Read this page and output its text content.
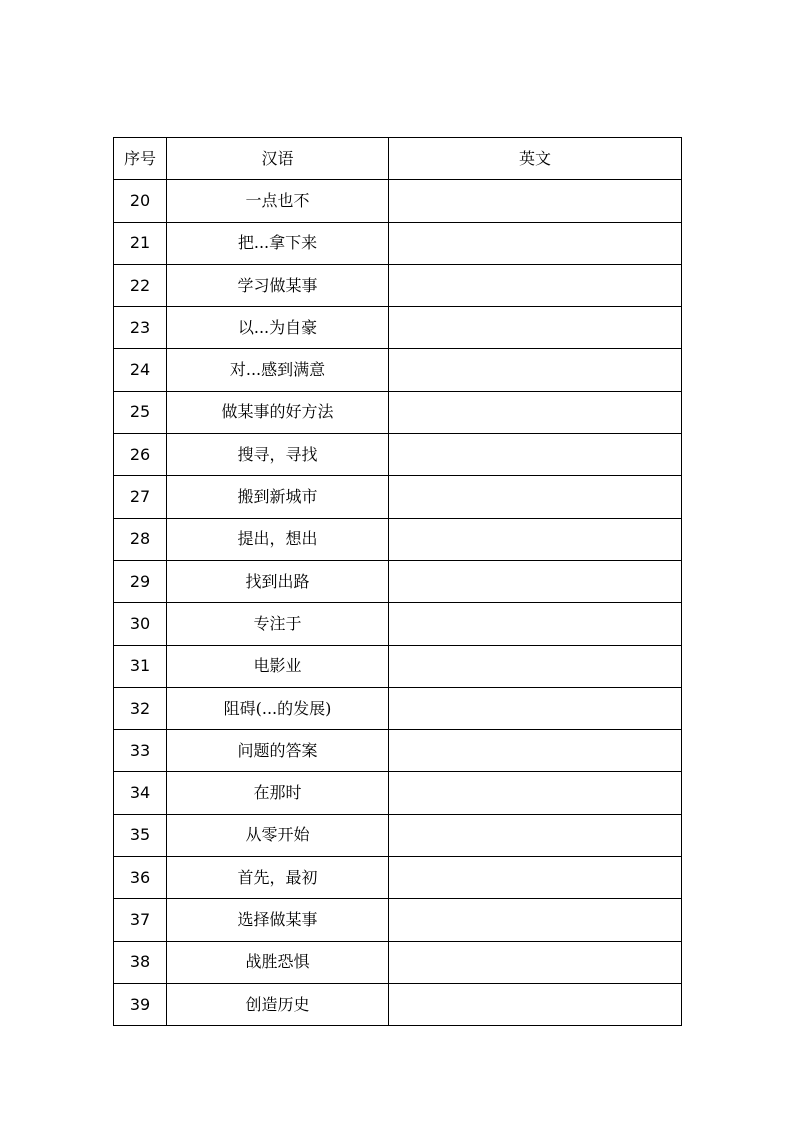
序号	汉语	英文
20	一点也不	
21	把...拿下来	
22	学习做某事	
23	以...为自豪	
24	对...感到满意	
25	做某事的好方法	
26	搜寻，寻找	
27	搬到新城市	
28	提出，想出	
29	找到出路	
30	专注于	
31	电影业	
32	阻碍(...的发展)	
33	问题的答案	
34	在那时	
35	从零开始	
36	首先，最初	
37	选择做某事	
38	战胜恐惧	
39	创造历史	
